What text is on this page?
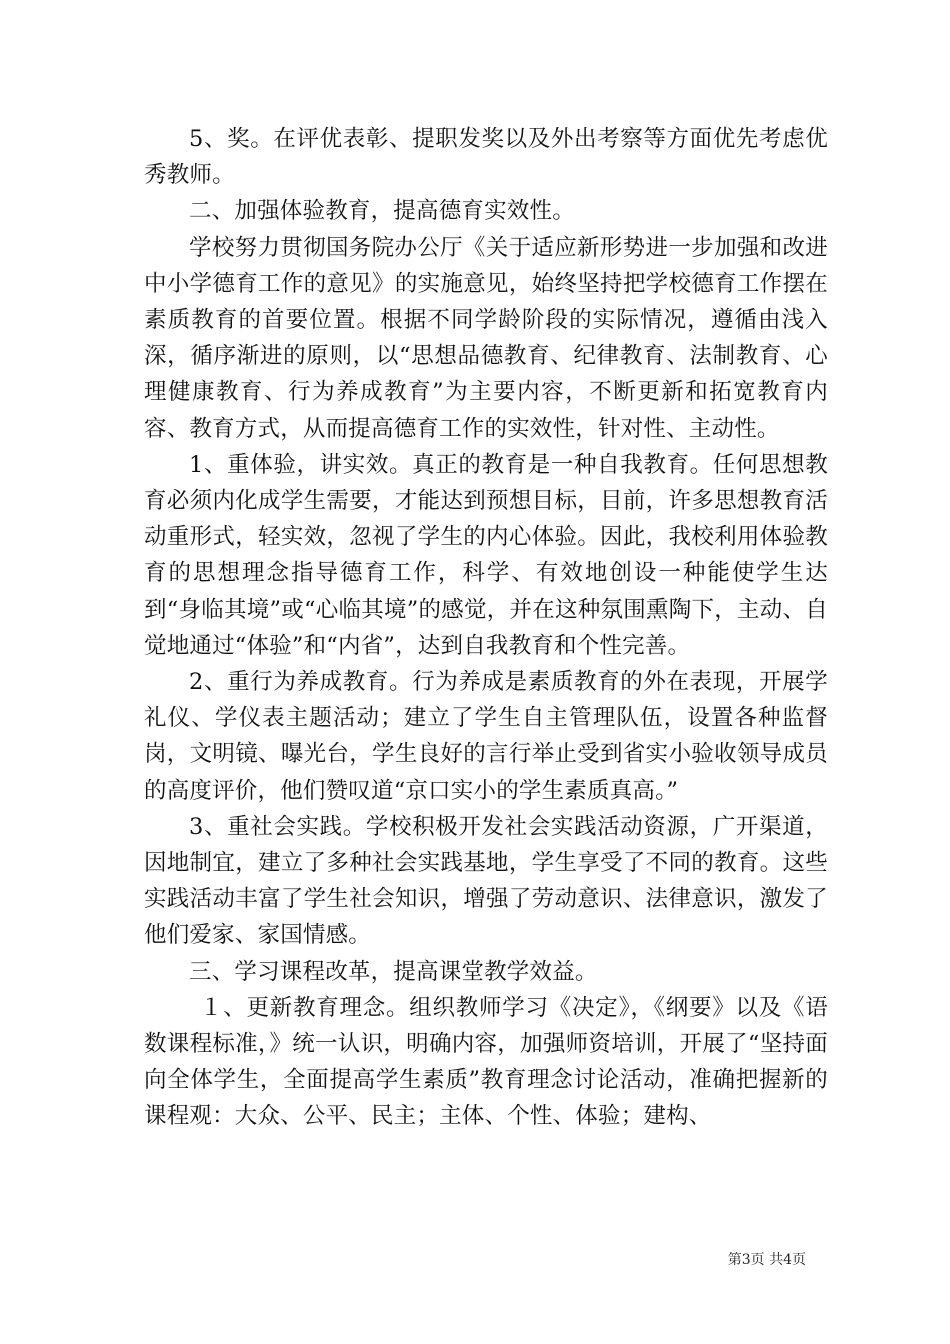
5、奖。在评优表彰、提职发奖以及外出考察等方面优先考虑优秀教师。

二、加强体验教育，提高德育实效性。

学校努力贯彻国务院办公厅《关于适应新形势进一步加强和改进中小学德育工作的意见》的实施意见，始终坚持把学校德育工作摆在素质教育的首要位置。根据不同学龄阶段的实际情况，遵循由浅入深，循序渐进的原则，以“思想品德教育、纪律教育、法制教育、心理健康教育、行为养成教育”为主要内容，不断更新和拓宽教育内容、教育方式，从而提高德育工作的实效性，针对性、主动性。

1、重体验，讲实效。真正的教育是一种自我教育。任何思想教育必须内化成学生需要，才能达到预想目标，目前，许多思想教育活动重形式，轻实效，忽视了学生的内心体验。因此，我校利用体验教育的思想理念指导德育工作，科学、有效地创设一种能使学生达到“身临其境”或“心临其境”的感觉，并在这种氛围熏陶下，主动、自觉地通过“体验”和“内省”，达到自我教育和个性完善。

2、重行为养成教育。行为养成是素质教育的外在表现，开展学礼仪、学仪表主题活动；建立了学生自主管理队伍，设置各种监督岗，文明镜、曝光台，学生良好的言行举止受到省实小验收领导成员的高度评价，他们赞叹道“京口实小的学生素质真高。”

3、重社会实践。学校积极开发社会实践活动资源，广开渠道，因地制宜，建立了多种社会实践基地，学生享受了不同的教育。这些实践活动丰富了学生社会知识，增强了劳动意识、法律意识，激发了他们爱家、家国情感。

三、学习课程改革，提高课堂教学效益。

１、更新教育理念。组织教师学习《决定》，《纲要》以及《语数课程标准，》统一认识，明确内容，加强师资培训，开展了“坚持面向全体学生，全面提高学生素质”教育理念讨论活动，准确把握新的课程观：大众、公平、民主；主体、个性、体验；建构、

第3页 共4页
